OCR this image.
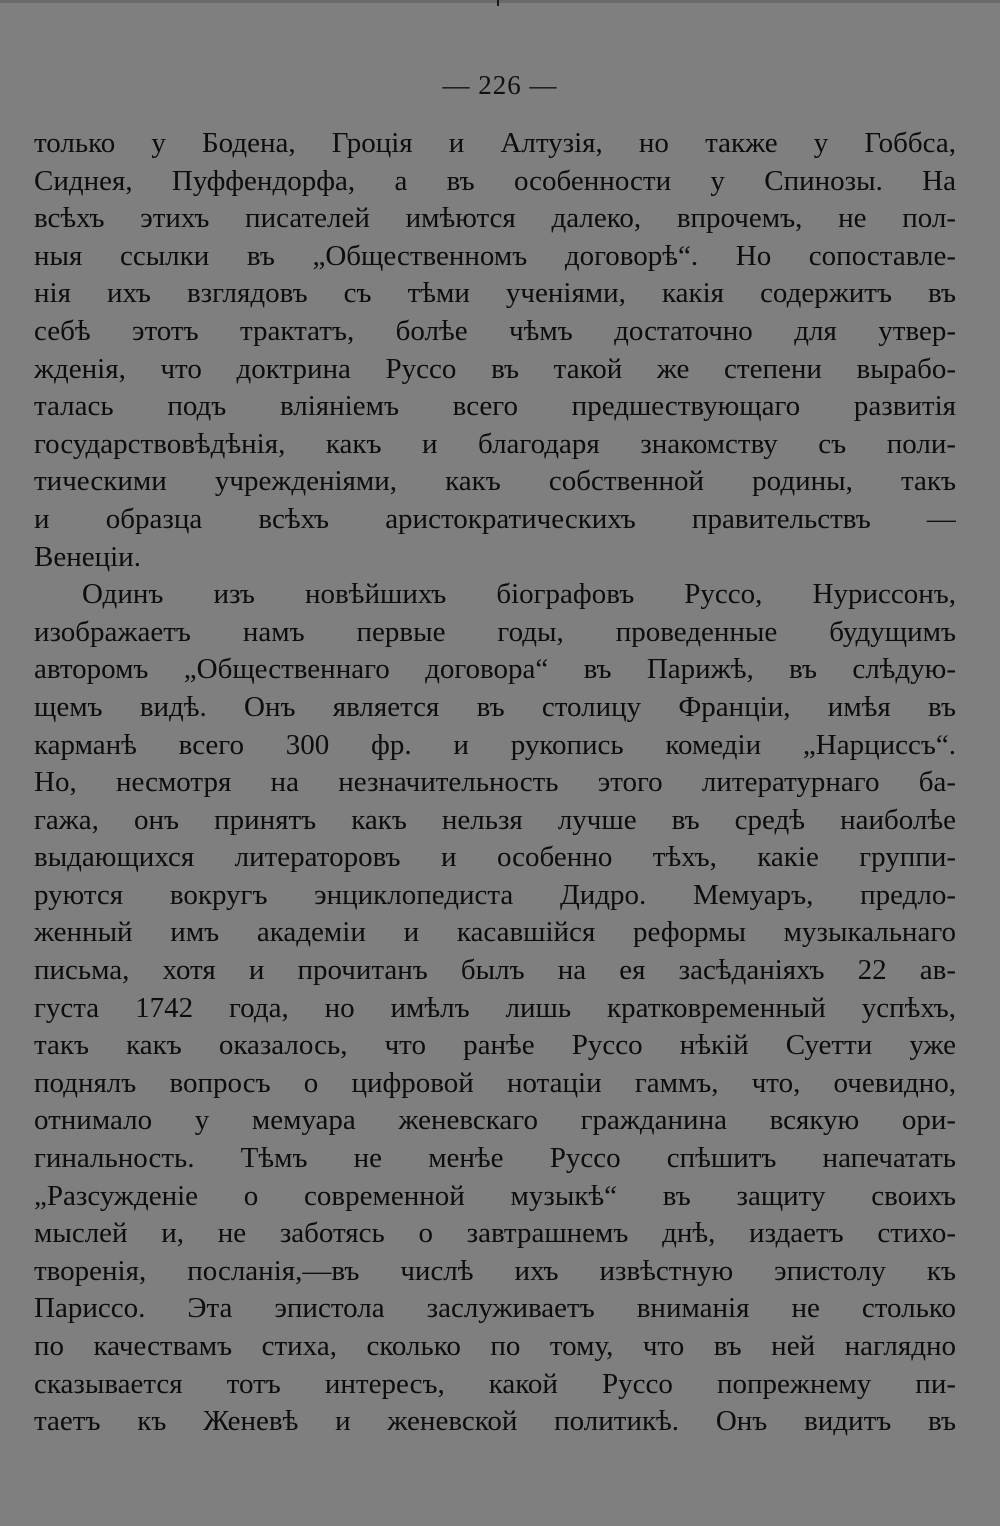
— 226 —
только у Бодена, Гроція и Алтузія, но также у Гоббса,
Сиднея, Пуффендорфа, а въ особенности у Спинозы. На
всѣхъ этихъ писателей имѣются далеко, впрочемъ, не пол-
ныя ссылки въ „Общественномъ договорѣ“. Но сопоставле-
нія ихъ взглядовъ съ тѣми ученіями, какія содержитъ въ
себѣ этотъ трактатъ, болѣе чѣмъ достаточно для утвер-
жденія, что доктрина Руссо въ такой же степени вырабо-
талась подъ вліяніемъ всего предшествующаго развитія
государствовѣдѣнія, какъ и благодаря знакомству съ поли-
тическими учрежденіями, какъ собственной родины, такъ
и образца всѣхъ аристократическихъ правительствъ —
Венеціи.
Одинъ изъ новѣйшихъ біографовъ Руссо, Нуриссонъ,
изображаетъ намъ первые годы, проведенные будущимъ
авторомъ „Общественнаго договора“ въ Парижѣ, въ слѣдую-
щемъ видѣ. Онъ является въ столицу Франціи, имѣя въ
карманѣ всего 300 фр. и рукопись комедіи „Нарциссъ“.
Но, несмотря на незначительность этого литературнаго ба-
гажа, онъ принятъ какъ нельзя лучше въ средѣ наиболѣе
выдающихся литераторовъ и особенно тѣхъ, какіе группи-
руются вокругъ энциклопедиста Дидро. Мемуаръ, предло-
женный имъ академіи и касавшійся реформы музыкальнаго
письма, хотя и прочитанъ былъ на ея засѣданіяхъ 22 ав-
густа 1742 года, но имѣлъ лишь кратковременный успѣхъ,
такъ какъ оказалось, что ранѣе Руссо нѣкій Суетти уже
поднялъ вопросъ о цифровой нотаціи гаммъ, что, очевидно,
отнимало у мемуара женевскаго гражданина всякую ори-
гинальность. Тѣмъ не менѣе Руссо спѣшитъ напечатать
„Разсужденіе о современной музыкѣ“ въ защиту своихъ
мыслей и, не заботясь о завтрашнемъ днѣ, издаетъ стихо-
творенія, посланія,—въ числѣ ихъ извѣстную эпистолу къ
Париссо. Эта эпистола заслуживаетъ вниманія не столько
по качествамъ стиха, сколько по тому, что въ ней наглядно
сказывается тотъ интересъ, какой Руссо попрежнему пи-
таетъ къ Женевѣ и женевской политикѣ. Онъ видитъ въ
